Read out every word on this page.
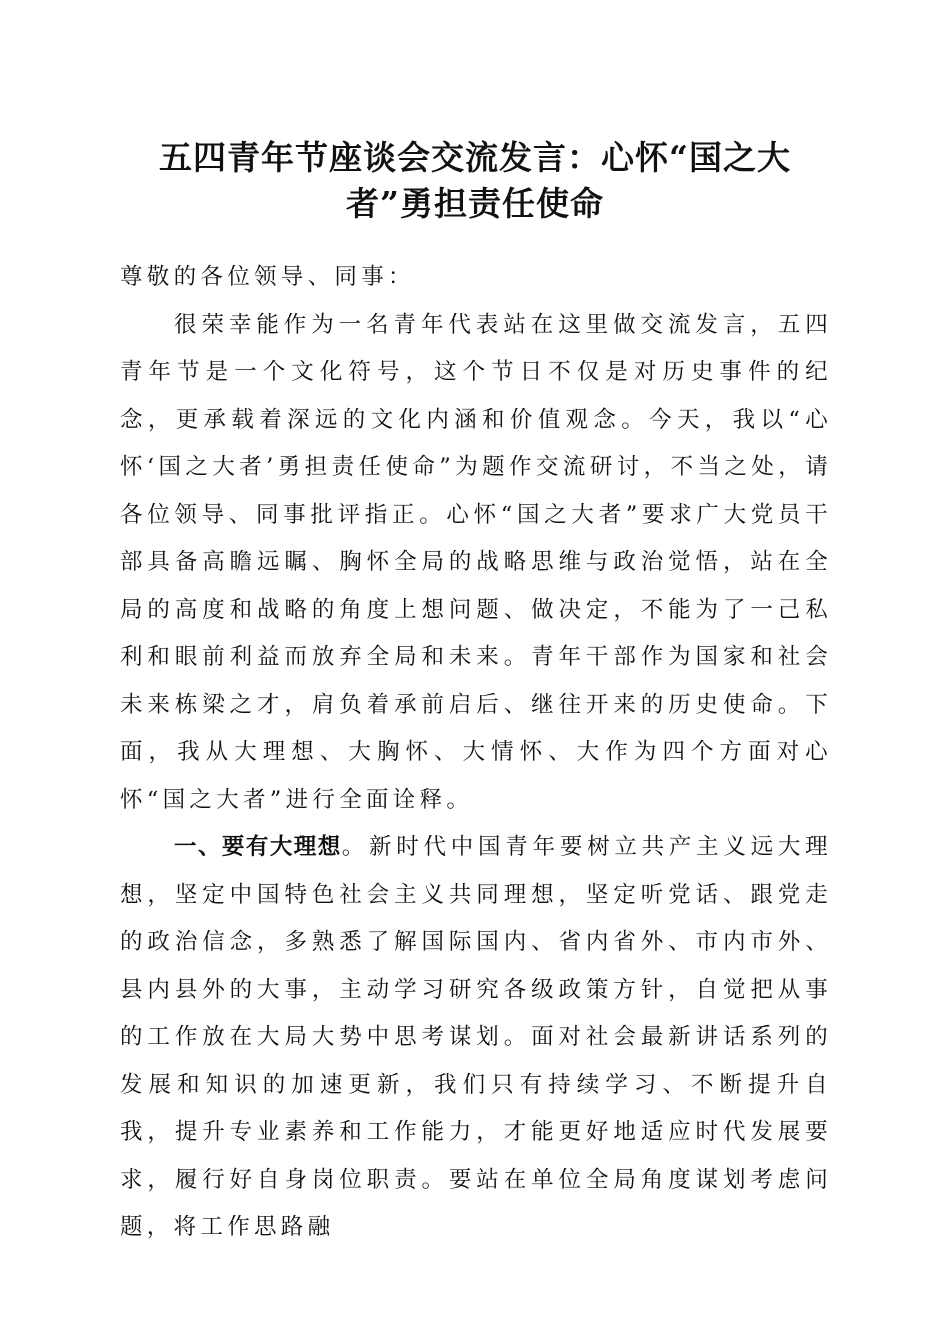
五四青年节座谈会交流发言：心怀“国之大
者”勇担责任使命

尊敬的各位领导、同事：

很荣幸能作为一名青年代表站在这里做交流发言，五四青年节是一个文化符号，这个节日不仅是对历史事件的纪念，更承载着深远的文化内涵和价值观念。今天，我以“心怀‘国之大者’勇担责任使命”为题作交流研讨，不当之处，请各位领导、同事批评指正。心怀“国之大者”要求广大党员干部具备高瞻远瞩、胸怀全局的战略思维与政治觉悟，站在全局的高度和战略的角度上想问题、做决定，不能为了一己私利和眼前利益而放弃全局和未来。青年干部作为国家和社会未来栋梁之才，肩负着承前启后、继往开来的历史使命。下面，我从大理想、大胸怀、大情怀、大作为四个方面对心怀“国之大者”进行全面诠释。

一、要有大理想。新时代中国青年要树立共产主义远大理想，坚定中国特色社会主义共同理想，坚定听党话、跟党走的政治信念，多熟悉了解国际国内、省内省外、市内市外、县内县外的大事，主动学习研究各级政策方针，自觉把从事的工作放在大局大势中思考谋划。面对社会最新讲话系列的发展和知识的加速更新，我们只有持续学习、不断提升自我，提升专业素养和工作能力，才能更好地适应时代发展要求，履行好自身岗位职责。要站在单位全局角度谋划考虑问题，将工作思路融
